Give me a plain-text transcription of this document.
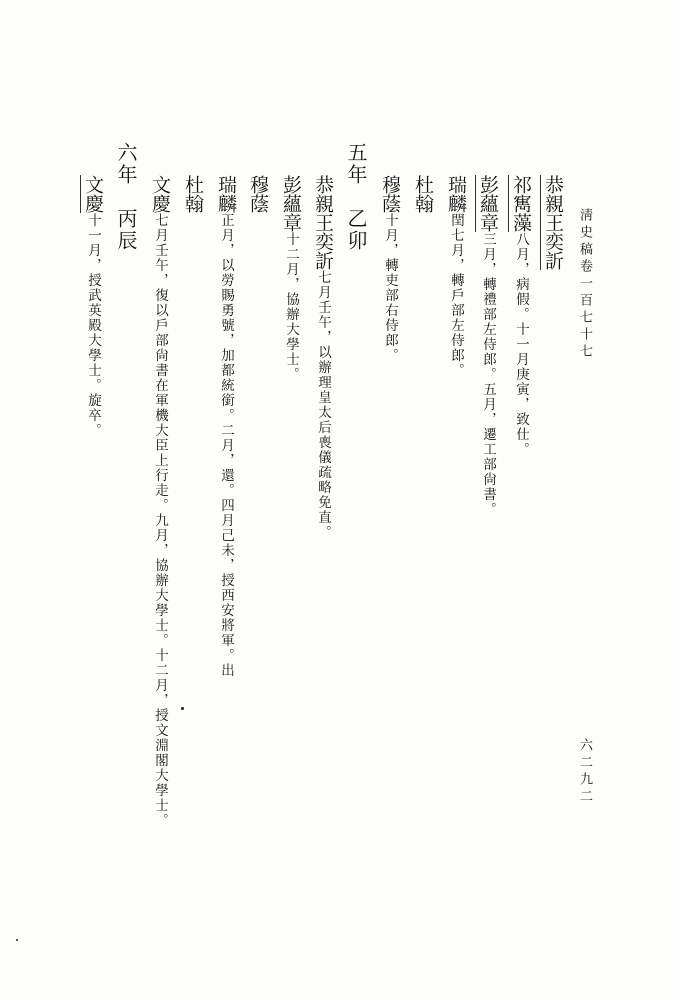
淸史稿卷一百七十七
六二九二
恭親王奕訢
祁寯藻八月，病假。十一月庚寅，致仕。
彭蘊章三月，轉禮部左侍郎。五月，遷工部尙書。
瑞麟閏七月，轉戶部左侍郎。
杜翰
穆蔭十月，轉吏部右侍郎。
五年乙卯
恭親王奕訢七月壬午，以辦理皇太后喪儀疏略免直。
彭蘊章十二月，協辦大學士。
穆蔭
瑞麟正月，以勞賜勇號，加都統銜。二月，還。四月己未，授西安將軍。出
杜翰
文慶七月壬午，復以戶部尙書在軍機大臣上行走。九月，協辦大學士。十二月，授文淵閣大學士。
六年丙辰
文慶十一月，授武英殿大學士。旋卒。
